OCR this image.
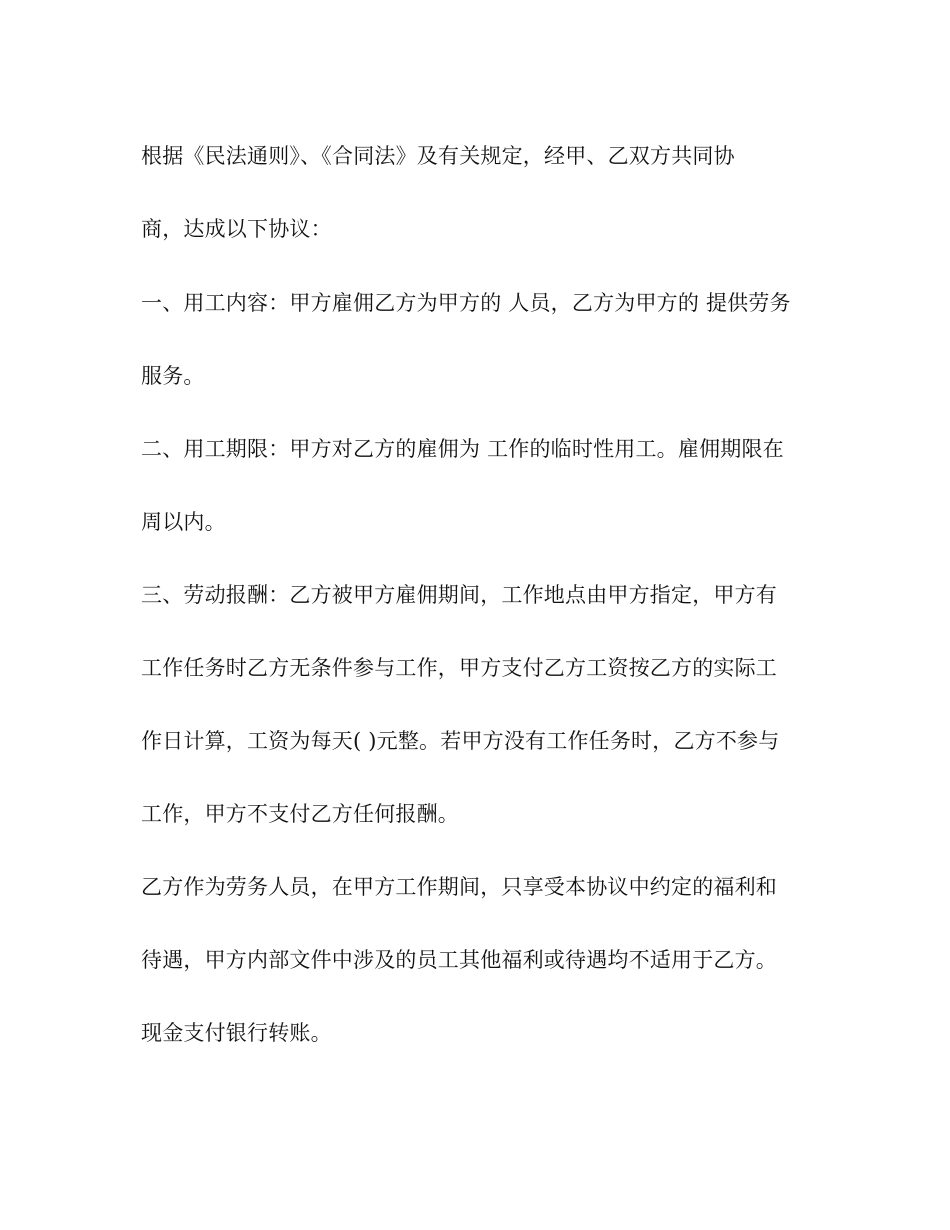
根据《民法通则》、《合同法》及有关规定，经甲、乙双方共同协
商，达成以下协议：
一、用工内容：甲方雇佣乙方为甲方的 人员，乙方为甲方的 提供劳务
服务。
二、用工期限：甲方对乙方的雇佣为 工作的临时性用工。雇佣期限在
周以内。
三、劳动报酬：乙方被甲方雇佣期间，工作地点由甲方指定，甲方有
工作任务时乙方无条件参与工作，甲方支付乙方工资按乙方的实际工
作日计算，工资为每天( )元整。若甲方没有工作任务时，乙方不参与
工作，甲方不支付乙方任何报酬。
乙方作为劳务人员，在甲方工作期间，只享受本协议中约定的福利和
待遇，甲方内部文件中涉及的员工其他福利或待遇均不适用于乙方。
现金支付银行转账。
